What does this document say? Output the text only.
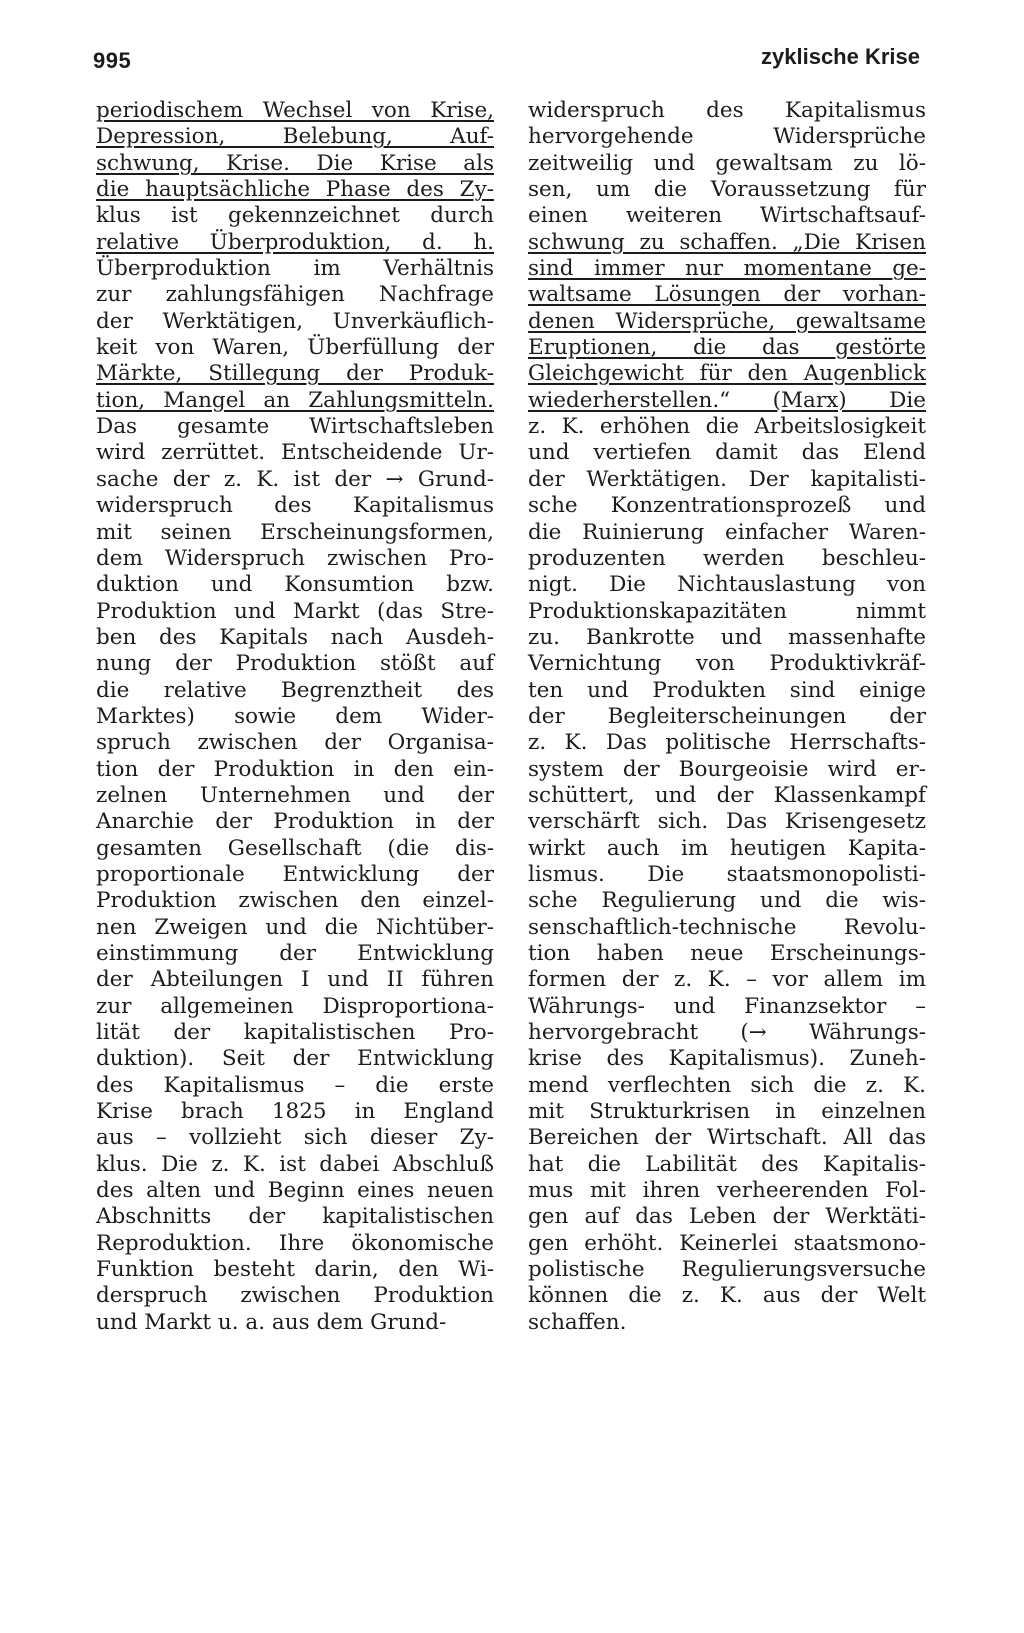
995	zyklische Krise
periodischem Wechsel von Krise,
Depression, Belebung, Auf-
schwung, Krise. Die Krise als
die hauptsächliche Phase des Zy-
klus ist gekennzeichnet durch
relative Überproduktion, d. h.
Überproduktion im Verhältnis
zur zahlungsfähigen Nachfrage
der Werktätigen, Unverkäuflich-
keit von Waren, Überfüllung der
Märkte, Stillegung der Produk-
tion, Mangel an Zahlungsmitteln.
Das gesamte Wirtschaftsleben
wird zerrüttet. Entscheidende Ur-
sache der z. K. ist der → Grund-
widerspruch des Kapitalismus
mit seinen Erscheinungsformen,
dem Widerspruch zwischen Pro-
duktion und Konsumtion bzw.
Produktion und Markt (das Stre-
ben des Kapitals nach Ausdeh-
nung der Produktion stößt auf
die relative Begrenztheit des
Marktes) sowie dem Wider-
spruch zwischen der Organisa-
tion der Produktion in den ein-
zelnen Unternehmen und der
Anarchie der Produktion in der
gesamten Gesellschaft (die dis-
proportionale Entwicklung der
Produktion zwischen den einzel-
nen Zweigen und die Nichtüber-
einstimmung der Entwicklung
der Abteilungen I und II führen
zur allgemeinen Disproportiona-
lität der kapitalistischen Pro-
duktion). Seit der Entwicklung
des Kapitalismus – die erste
Krise brach 1825 in England
aus – vollzieht sich dieser Zy-
klus. Die z. K. ist dabei Abschluß
des alten und Beginn eines neuen
Abschnitts der kapitalistischen
Reproduktion. Ihre ökonomische
Funktion besteht darin, den Wi-
derspruch zwischen Produktion
und Markt u. a. aus dem Grund-
widerspruch des Kapitalismus
hervorgehende Widersprüche
zeitweilig und gewaltsam zu lö-
sen, um die Voraussetzung für
einen weiteren Wirtschaftsauf-
schwung zu schaffen. „Die Krisen
sind immer nur momentane ge-
waltsame Lösungen der vorhan-
denen Widersprüche, gewaltsame
Eruptionen, die das gestörte
Gleichgewicht für den Augenblick
wiederherstellen.“ (Marx) Die
z. K. erhöhen die Arbeitslosigkeit
und vertiefen damit das Elend
der Werktätigen. Der kapitalisti-
sche Konzentrationsprozeß und
die Ruinierung einfacher Waren-
produzenten werden beschleu-
nigt. Die Nichtauslastung von
Produktionskapazitäten nimmt
zu. Bankrotte und massenhafte
Vernichtung von Produktivkräf-
ten und Produkten sind einige
der Begleiterscheinungen der
z. K. Das politische Herrschafts-
system der Bourgeoisie wird er-
schüttert, und der Klassenkampf
verschärft sich. Das Krisengesetz
wirkt auch im heutigen Kapita-
lismus. Die staatsmonopolisti-
sche Regulierung und die wis-
senschaftlich-technische Revolu-
tion haben neue Erscheinungs-
formen der z. K. – vor allem im
Währungs- und Finanzsektor –
hervorgebracht (→ Währungs-
krise des Kapitalismus). Zuneh-
mend verflechten sich die z. K.
mit Strukturkrisen in einzelnen
Bereichen der Wirtschaft. All das
hat die Labilität des Kapitalis-
mus mit ihren verheerenden Fol-
gen auf das Leben der Werktäti-
gen erhöht. Keinerlei staatsmono-
polistische Regulierungsversuche
können die z. K. aus der Welt
schaffen.
